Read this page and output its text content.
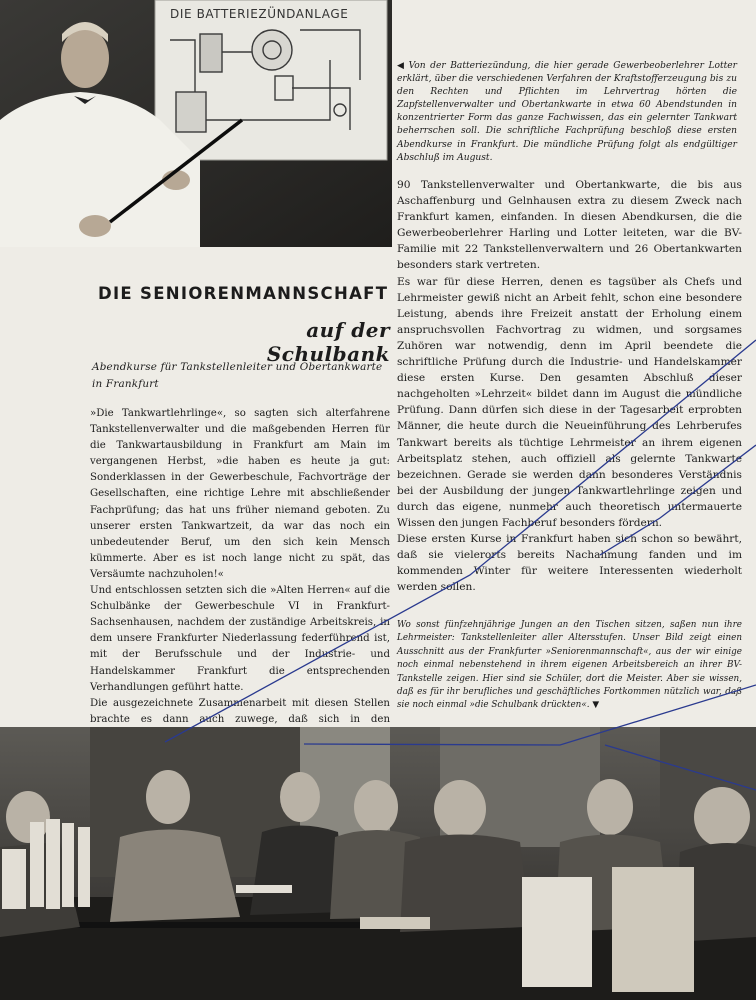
DIE BATTERIEZÜNDANLAGE
◀ Von der Batteriezündung, die hier gerade Gewerbeoberlehrer Lotter erklärt, über die verschiedenen Verfahren der Kraftstofferzeugung bis zu den Rechten und Pflichten im Lehrvertrag hörten die Zapfstellenverwalter und Obertankwarte in etwa 60 Abendstunden in konzentrierter Form das ganze Fachwissen, das ein gelernter Tankwart beherrschen soll. Die schriftliche Fachprüfung beschloß diese ersten Abendkurse in Frankfurt. Die mündliche Prüfung folgt als endgültiger Abschluß im August.
DIE SENIORENMANNSCHAFT
auf der Schulbank
Abendkurse für Tankstellenleiter und Obertankwarte in Frankfurt

»Die Tankwartlehrlinge«, so sagten sich alterfahrene Tankstellenverwalter und die maßgebenden Herren für die Tankwartausbildung in Frankfurt am Main im vergangenen Herbst, »die haben es heute ja gut: Sonderklassen in der Gewerbeschule, Fachvorträge der Gesellschaften, eine richtige Lehre mit abschließender Fachprüfung; das hat uns früher niemand geboten. Zu unserer ersten Tankwartzeit, da war das noch ein unbedeutender Beruf, um den sich kein Mensch kümmerte. Aber es ist noch lange nicht zu spät, das Versäumte nachzuholen!«

Und entschlossen setzten sich die »Alten Herren« auf die Schulbänke der Gewerbeschule VI in Frankfurt-Sachsenhausen, nachdem der zuständige Arbeitskreis, in dem unsere Frankfurter Niederlassung federführend ist, mit der Berufsschule und der Industrie- und Handelskammer Frankfurt die entsprechenden Verhandlungen geführt hatte.

Die ausgezeichnete Zusammenarbeit mit diesen Stellen brachte es dann auch zuwege, daß sich in den

90 Tankstellenverwalter und Obertankwarte, die bis aus Aschaffenburg und Gelnhausen extra zu diesem Zweck nach Frankfurt kamen, einfanden. In diesen Abendkursen, die die Gewerbeoberlehrer Harling und Lotter leiteten, war die BV-Familie mit 22 Tankstellenverwaltern und 26 Obertankwarten besonders stark vertreten.

Es war für diese Herren, denen es tagsüber als Chefs und Lehrmeister gewiß nicht an Arbeit fehlt, schon eine besondere Leistung, abends ihre Freizeit anstatt der Erholung einem anspruchsvollen Fachvortrag zu widmen, und sorgsames Zuhören war notwendig, denn im April beendete die schriftliche Prüfung durch die Industrie- und Handelskammer diese ersten Kurse. Den gesamten Abschluß dieser nachgeholten »Lehrzeit« bildet dann im August die mündliche Prüfung. Dann dürfen sich diese in der Tagesarbeit erprobten Männer, die heute durch die Neueinführung des Lehrberufes Tankwart bereits als tüchtige Lehrmeister an ihrem eigenen Arbeitsplatz stehen, auch offiziell als gelernte Tankwarte bezeichnen. Gerade sie werden dann besonderes Verständnis bei der Ausbildung der jungen Tankwartlehrlinge zeigen und durch das eigene, nunmehr auch theoretisch untermauerte Wissen den jungen Fachberuf besonders fördern.

Diese ersten Kurse in Frankfurt haben sich schon so bewährt, daß sie vielerorts bereits Nachahmung fanden und im kommenden Winter für weitere Interessenten wiederholt werden sollen.

Wo sonst fünfzehnjährige Jungen an den Tischen sitzen, saßen nun ihre Lehrmeister: Tankstellenleiter aller Altersstufen. Unser Bild zeigt einen Ausschnitt aus der Frankfurter »Seniorenmannschaft«, aus der wir einige noch einmal nebenstehend in ihrem eigenen Arbeitsbereich an ihrer BV-Tankstelle zeigen. Hier sind sie Schüler, dort die Meister. Aber sie wissen, daß es für ihr berufliches und geschäftliches Fortkommen nützlich war, daß sie noch einmal »die Schulbank drückten«. ▼
